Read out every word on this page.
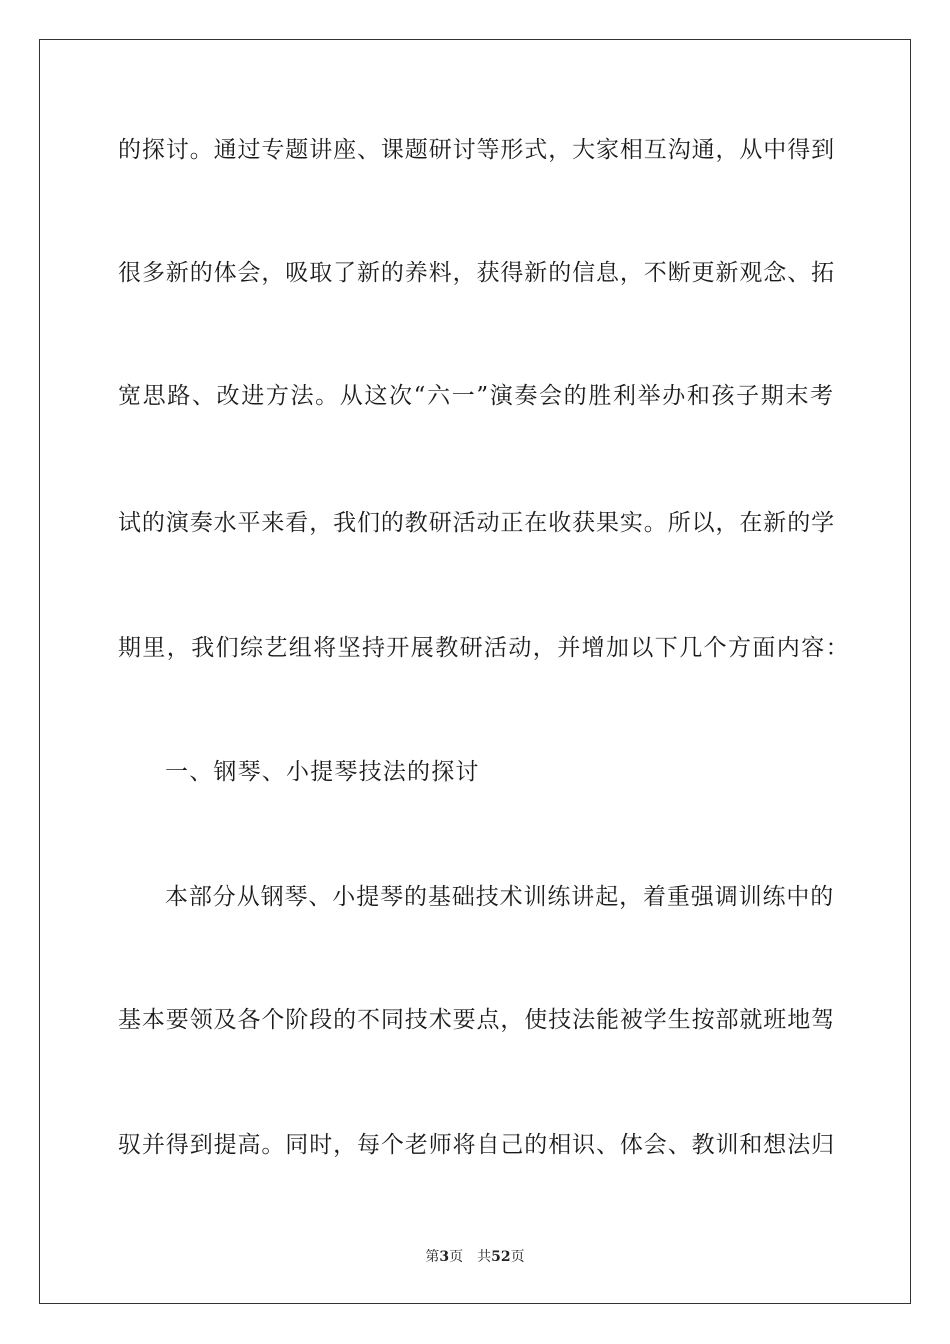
的探讨。通过专题讲座、课题研讨等形式，大家相互沟通，从中得到
很多新的体会，吸取了新的养料，获得新的信息，不断更新观念、拓
宽思路、改进方法。从这次“六一”演奏会的胜利举办和孩子期末考
试的演奏水平来看，我们的教研活动正在收获果实。所以，在新的学
期里，我们综艺组将坚持开展教研活动，并增加以下几个方面内容：
一、钢琴、小提琴技法的探讨
本部分从钢琴、小提琴的基础技术训练讲起，着重强调训练中的
基本要领及各个阶段的不同技术要点，使技法能被学生按部就班地驾
驭并得到提高。同时，每个老师将自己的相识、体会、教训和想法归
第3页 共52页
